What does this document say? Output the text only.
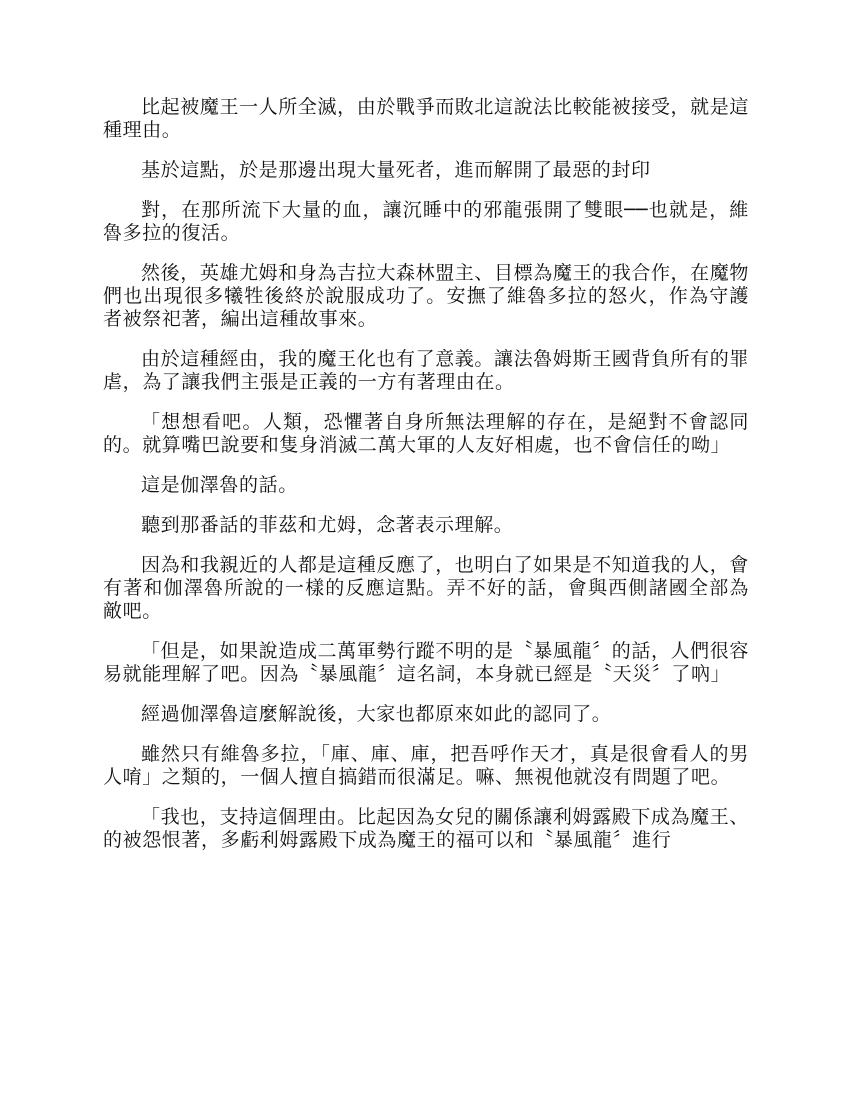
比起被魔王一人所全滅，由於戰爭而敗北這說法比較能被接受，就是這種理由。

基於這點，於是那邊出現大量死者，進而解開了最惡的封印

對，在那所流下大量的血，讓沉睡中的邪龍張開了雙眼──也就是，維魯多拉的復活。

然後，英雄尤姆和身為吉拉大森林盟主、目標為魔王的我合作，在魔物們也出現很多犧牲後終於說服成功了。安撫了維魯多拉的怒火，作為守護者被祭祀著，編出這種故事來。

由於這種經由，我的魔王化也有了意義。讓法魯姆斯王國背負所有的罪虐，為了讓我們主張是正義的一方有著理由在。

「想想看吧。人類，恐懼著自身所無法理解的存在，是絕對不會認同的。就算嘴巴說要和隻身消滅二萬大軍的人友好相處，也不會信任的呦」

這是伽澤魯的話。

聽到那番話的菲茲和尤姆，念著表示理解。

因為和我親近的人都是這種反應了，也明白了如果是不知道我的人，會有著和伽澤魯所說的一樣的反應這點。弄不好的話，會與西側諸國全部為敵吧。

「但是，如果說造成二萬軍勢行蹤不明的是〝暴風龍〞的話，人們很容易就能理解了吧。因為〝暴風龍〞這名詞，本身就已經是〝天災〞了吶」

經過伽澤魯這麼解說後，大家也都原來如此的認同了。

雖然只有維魯多拉，「庫、庫、庫，把吾呼作天才，真是很會看人的男人唷」之類的，一個人擅自搞錯而很滿足。嘛、無視他就沒有問題了吧。

「我也，支持這個理由。比起因為女兒的關係讓利姆露殿下成為魔王、的被怨恨著，多虧利姆露殿下成為魔王的福可以和〝暴風龍〞進行
